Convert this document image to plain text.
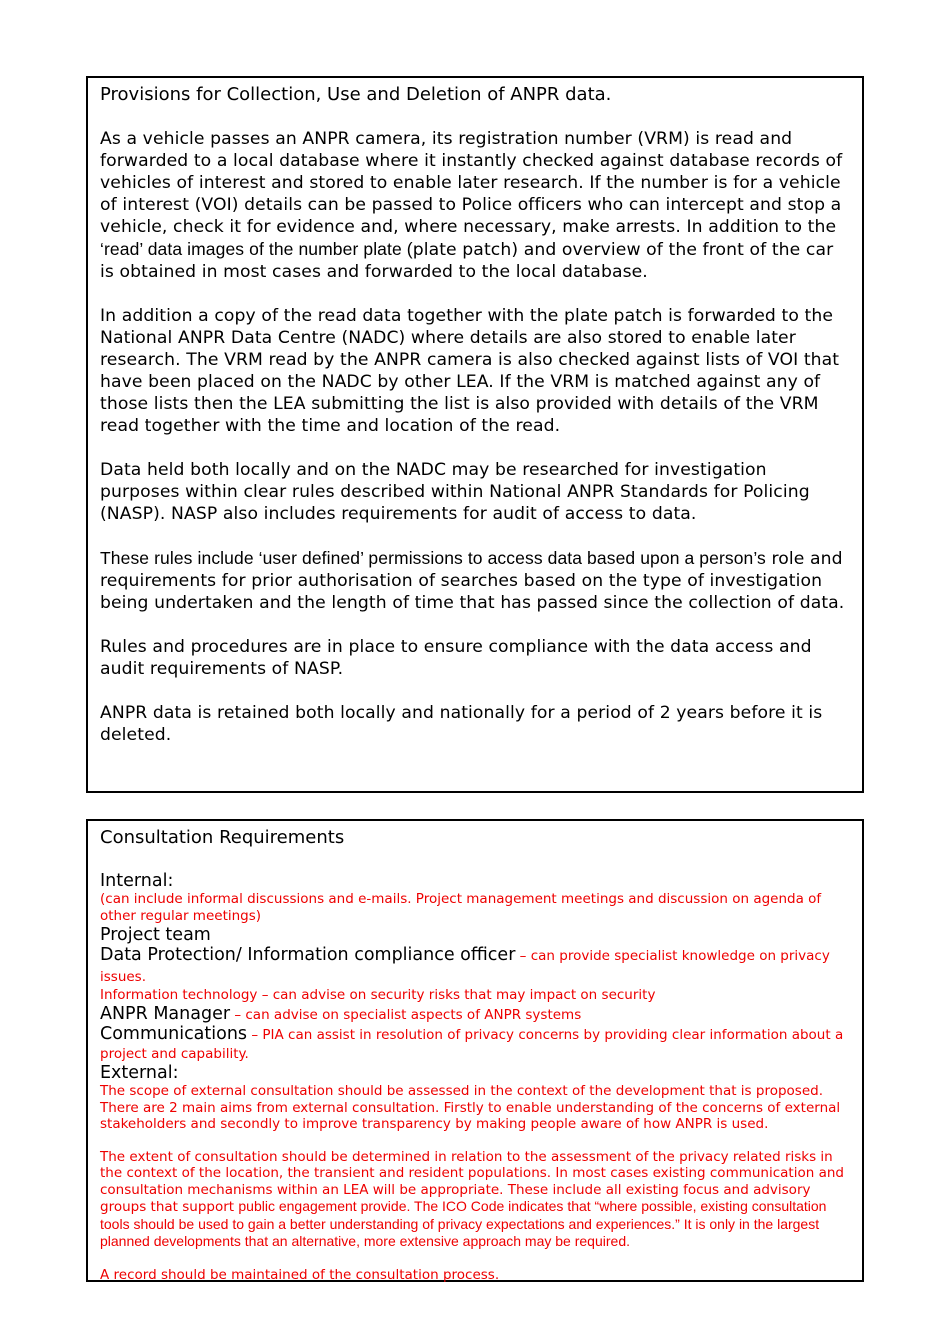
Provisions for Collection, Use and Deletion of ANPR data.

As a vehicle passes an ANPR camera, its registration number (VRM) is read and forwarded to a local database where it instantly checked against database records of vehicles of interest and stored to enable later research. If the number is for a vehicle of interest (VOI) details can be passed to Police officers who can intercept and stop a vehicle, check it for evidence and, where necessary, make arrests. In addition to the ‘read’ data images of the number plate (plate patch) and overview of the front of the car is obtained in most cases and forwarded to the local database.

In addition a copy of the read data together with the plate patch is forwarded to the National ANPR Data Centre (NADC) where details are also stored to enable later research. The VRM read by the ANPR camera is also checked against lists of VOI that have been placed on the NADC by other LEA. If the VRM is matched against any of those lists then the LEA submitting the list is also provided with details of the VRM read together with the time and location of the read.

Data held both locally and on the NADC may be researched for investigation purposes within clear rules described within National ANPR Standards for Policing (NASP). NASP also includes requirements for audit of access to data.

These rules include ‘user defined’ permissions to access data based upon a person’s role and requirements for prior authorisation of searches based on the type of investigation being undertaken and the length of time that has passed since the collection of data.

Rules and procedures are in place to ensure compliance with the data access and audit requirements of NASP.

ANPR data is retained both locally and nationally for a period of 2 years before it is deleted.

Consultation Requirements
Internal:
(can include informal discussions and e-mails. Project management meetings and discussion on agenda of other regular meetings)
Project team
Data Protection/ Information compliance officer – can provide specialist knowledge on privacy issues.
Information technology – can advise on security risks that may impact on security
ANPR Manager – can advise on specialist aspects of ANPR systems
Communications – PIA can assist in resolution of privacy concerns by providing clear information about a project and capability.
External:
The scope of external consultation should be assessed in the context of the development that is proposed. There are 2 main aims from external consultation. Firstly to enable understanding of the concerns of external stakeholders and secondly to improve transparency by making people aware of how ANPR is used.
The extent of consultation should be determined in relation to the assessment of the privacy related risks in the context of the location, the transient and resident populations. In most cases existing communication and consultation mechanisms within an LEA will be appropriate. These include all existing focus and advisory groups that support public engagement provide. The ICO Code indicates that “where possible, existing consultation tools should be used to gain a better understanding of privacy expectations and experiences.” It is only in the largest planned developments that an alternative, more extensive approach may be required.
A record should be maintained of the consultation process.
